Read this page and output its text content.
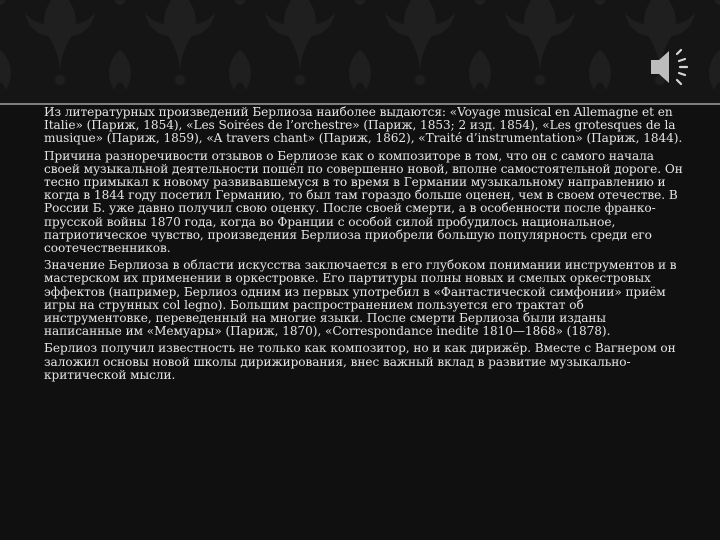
Из литературных произведений Берлиоза наиболее выдаются: «Voyage musical en Allemagne et en Italie» (Париж, 1854), «Les Soirées de l’orchestre» (Париж, 1853; 2 изд. 1854), «Les grotesques de la musique» (Париж, 1859), «A travers chant» (Париж, 1862), «Traité d’instrumentation» (Париж, 1844).

Причина разноречивости отзывов о Берлиозе как о композиторе в том, что он с самого начала своей музыкальной деятельности пошёл по совершенно новой, вполне самостоятельной дороге. Он тесно примыкал к новому развивавшемуся в то время в Германии музыкальному направлению и когда в 1844 году посетил Германию, то был там гораздо больше оценен, чем в своем отечестве. В России Б. уже давно получил свою оценку. После своей смерти, а в особенности после франко-прусской войны 1870 года, когда во Франции с особой силой пробудилось национальное, патриотическое чувство, произведения Берлиоза приобрели большую популярность среди его соотечественников.

Значение Берлиоза в области искусства заключается в его глубоком понимании инструментов и в мастерском их применении в оркестровке. Его партитуры полны новых и смелых оркестровых эффектов (например, Берлиоз одним из первых употребил в «Фантастической симфонии» приём игры на струнных col legno). Большим распространением пользуется его трактат об инструментовке, переведенный на многие языки. После смерти Берлиоза были изданы написанные им «Мемуары» (Париж, 1870), «Correspondance inedite 1810—1868» (1878).

Берлиоз получил известность не только как композитор, но и как дирижёр. Вместе с Вагнером он заложил основы новой школы дирижирования, внес важный вклад в развитие музыкально-критической мысли.
